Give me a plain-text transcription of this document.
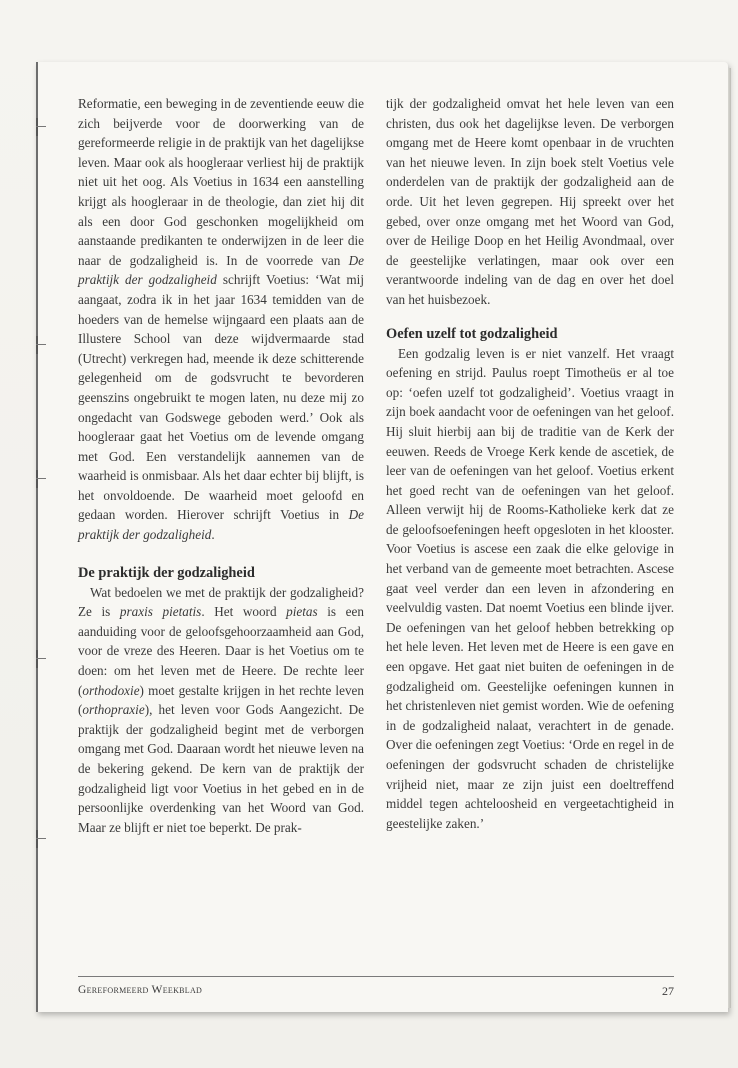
Reformatie, een beweging in de zeventiende eeuw die zich beijverde voor de doorwerking van de gereformeerde religie in de praktijk van het dagelijkse leven. Maar ook als hoogleraar verliest hij de praktijk niet uit het oog. Als Voetius in 1634 een aanstelling krijgt als hoogleraar in de theologie, dan ziet hij dit als een door God geschonken mogelijkheid om aanstaande predikanten te onderwijzen in de leer die naar de godzaligheid is. In de voorrede van De praktijk der godzaligheid schrijft Voetius: ‘Wat mij aangaat, zodra ik in het jaar 1634 temidden van de hoeders van de hemelse wijngaard een plaats aan de Illustere School van deze wijdvermaarde stad (Utrecht) verkregen had, meende ik deze schitterende gelegenheid om de godsvrucht te bevorderen geenszins ongebruikt te mogen laten, nu deze mij zo ongedacht van Godswege geboden werd.’ Ook als hoogleraar gaat het Voetius om de levende omgang met God. Een verstandelijk aannemen van de waarheid is onmisbaar. Als het daar echter bij blijft, is het onvoldoende. De waarheid moet geloofd en gedaan worden. Hierover schrijft Voetius in De praktijk der godzaligheid.

De praktijk der godzaligheid

Wat bedoelen we met de praktijk der godzaligheid? Ze is praxis pietatis. Het woord pietas is een aanduiding voor de geloofsgehoorzaamheid aan God, voor de vreze des Heeren. Daar is het Voetius om te doen: om het leven met de Heere. De rechte leer (orthodoxie) moet gestalte krijgen in het rechte leven (orthopraxie), het leven voor Gods Aangezicht. De praktijk der godzaligheid begint met de verborgen omgang met God. Daaraan wordt het nieuwe leven na de bekering gekend. De kern van de praktijk der godzaligheid ligt voor Voetius in het gebed en in de persoonlijke overdenking van het Woord van God. Maar ze blijft er niet toe beperkt. De prak-

tijk der godzaligheid omvat het hele leven van een christen, dus ook het dagelijkse leven. De verborgen omgang met de Heere komt openbaar in de vruchten van het nieuwe leven. In zijn boek stelt Voetius vele onderdelen van de praktijk der godzaligheid aan de orde. Uit het leven gegrepen. Hij spreekt over het gebed, over onze omgang met het Woord van God, over de Heilige Doop en het Heilig Avondmaal, over de geestelijke verlatingen, maar ook over een verantwoorde indeling van de dag en over het doel van het huisbezoek.

Oefen uzelf tot godzaligheid

Een godzalig leven is er niet vanzelf. Het vraagt oefening en strijd. Paulus roept Timotheüs er al toe op: ‘oefen uzelf tot godzaligheid’. Voetius vraagt in zijn boek aandacht voor de oefeningen van het geloof. Hij sluit hierbij aan bij de traditie van de Kerk der eeuwen. Reeds de Vroege Kerk kende de ascetiek, de leer van de oefeningen van het geloof. Voetius erkent het goed recht van de oefeningen van het geloof. Alleen verwijt hij de Rooms-Katholieke kerk dat ze de geloofsoefeningen heeft opgesloten in het klooster. Voor Voetius is ascese een zaak die elke gelovige in het verband van de gemeente moet betrachten. Ascese gaat veel verder dan een leven in afzondering en veelvuldig vasten. Dat noemt Voetius een blinde ijver. De oefeningen van het geloof hebben betrekking op het hele leven. Het leven met de Heere is een gave en een opgave. Het gaat niet buiten de oefeningen in de godzaligheid om. Geestelijke oefeningen kunnen in het christenleven niet gemist worden. Wie de oefening in de godzaligheid nalaat, verachtert in de genade. Over die oefeningen zegt Voetius: ‘Orde en regel in de oefeningen der godsvrucht schaden de christelijke vrijheid niet, maar ze zijn juist een doeltreffend middel tegen achteloosheid en vergeetachtigheid in geestelijke zaken.’

Gereformeerd Weekblad	27
